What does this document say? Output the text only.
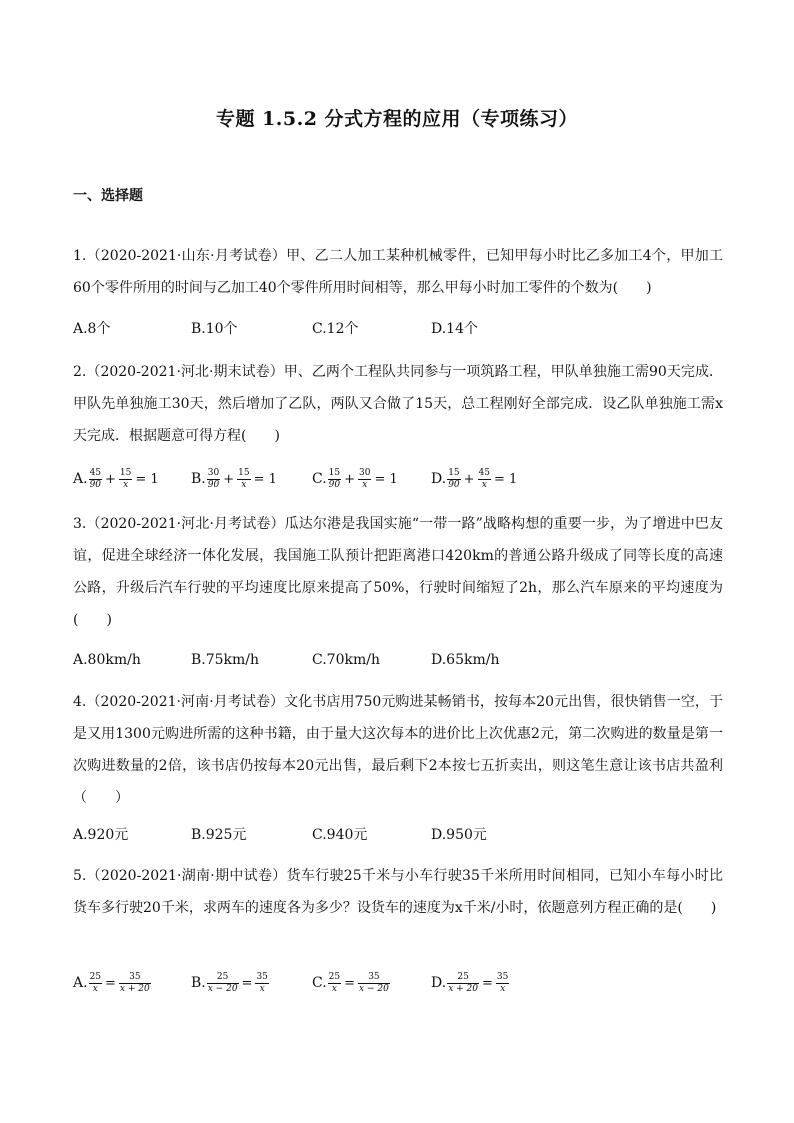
专题 1.5.2 分式方程的应用（专项练习）
一、选择题
1.（2020-2021·山东·月考试卷）甲、乙二人加工某种机械零件，已知甲每小时比乙多加工4个，甲加工60个零件所用的时间与乙加工40个零件所用时间相等，那么甲每小时加工零件的个数为(　　)
A.8个	B.10个	C.12个	D.14个
2.（2020-2021·河北·期末试卷）甲、乙两个工程队共同参与一项筑路工程，甲队单独施工需90天完成．甲队先单独施工30天，然后增加了乙队，两队又合做了15天，总工程刚好全部完成．设乙队单独施工需x天完成．根据题意可得方程(　　)
A. $\frac{45}{90} + \frac{15}{x} = 1$ B. $\frac{30}{90} + \frac{15}{x} = 1$	C. $\frac{15}{90} + \frac{30}{x} = 1$ D. $\frac{15}{90} + \frac{45}{x} = 1$
3.（2020-2021·河北·月考试卷）瓜达尔港是我国实施“一带一路”战略构想的重要一步，为了增进中巴友谊，促进全球经济一体化发展，我国施工队预计把距离港口420km的普通公路升级成了同等长度的高速公路，升级后汽车行驶的平均速度比原来提高了50%，行驶时间缩短了2h，那么汽车原来的平均速度为(　　)
A.80km/h	B.75km/h	C.70km/h	D.65km/h
4.（2020-2021·河南·月考试卷）文化书店用750元购进某畅销书，按每本20元出售，很快销售一空，于是又用1300元购进所需的这种书籍，由于量大这次每本的进价比上次优惠2元，第二次购进的数量是第一次购进数量的2倍，该书店仍按每本20元出售，最后剩下2本按七五折卖出，则这笔生意让该书店共盈利（　　）
A.920元	B.925元	C.940元	D.950元
5.（2020-2021·湖南·期中试卷）货车行驶25千米与小车行驶35千米所用时间相同，已知小车每小时比货车多行驶20千米，求两车的速度各为多少？设货车的速度为x千米/小时，依题意列方程正确的是(　　)
A. $\frac{25}{x} = \frac{35}{x + 20}$	B. $\frac{25}{x - 20} = \frac{35}{x}$	C. $\frac{25}{x} = \frac{35}{x - 20}$	D. $\frac{25}{x + 20} = \frac{35}{x}$
